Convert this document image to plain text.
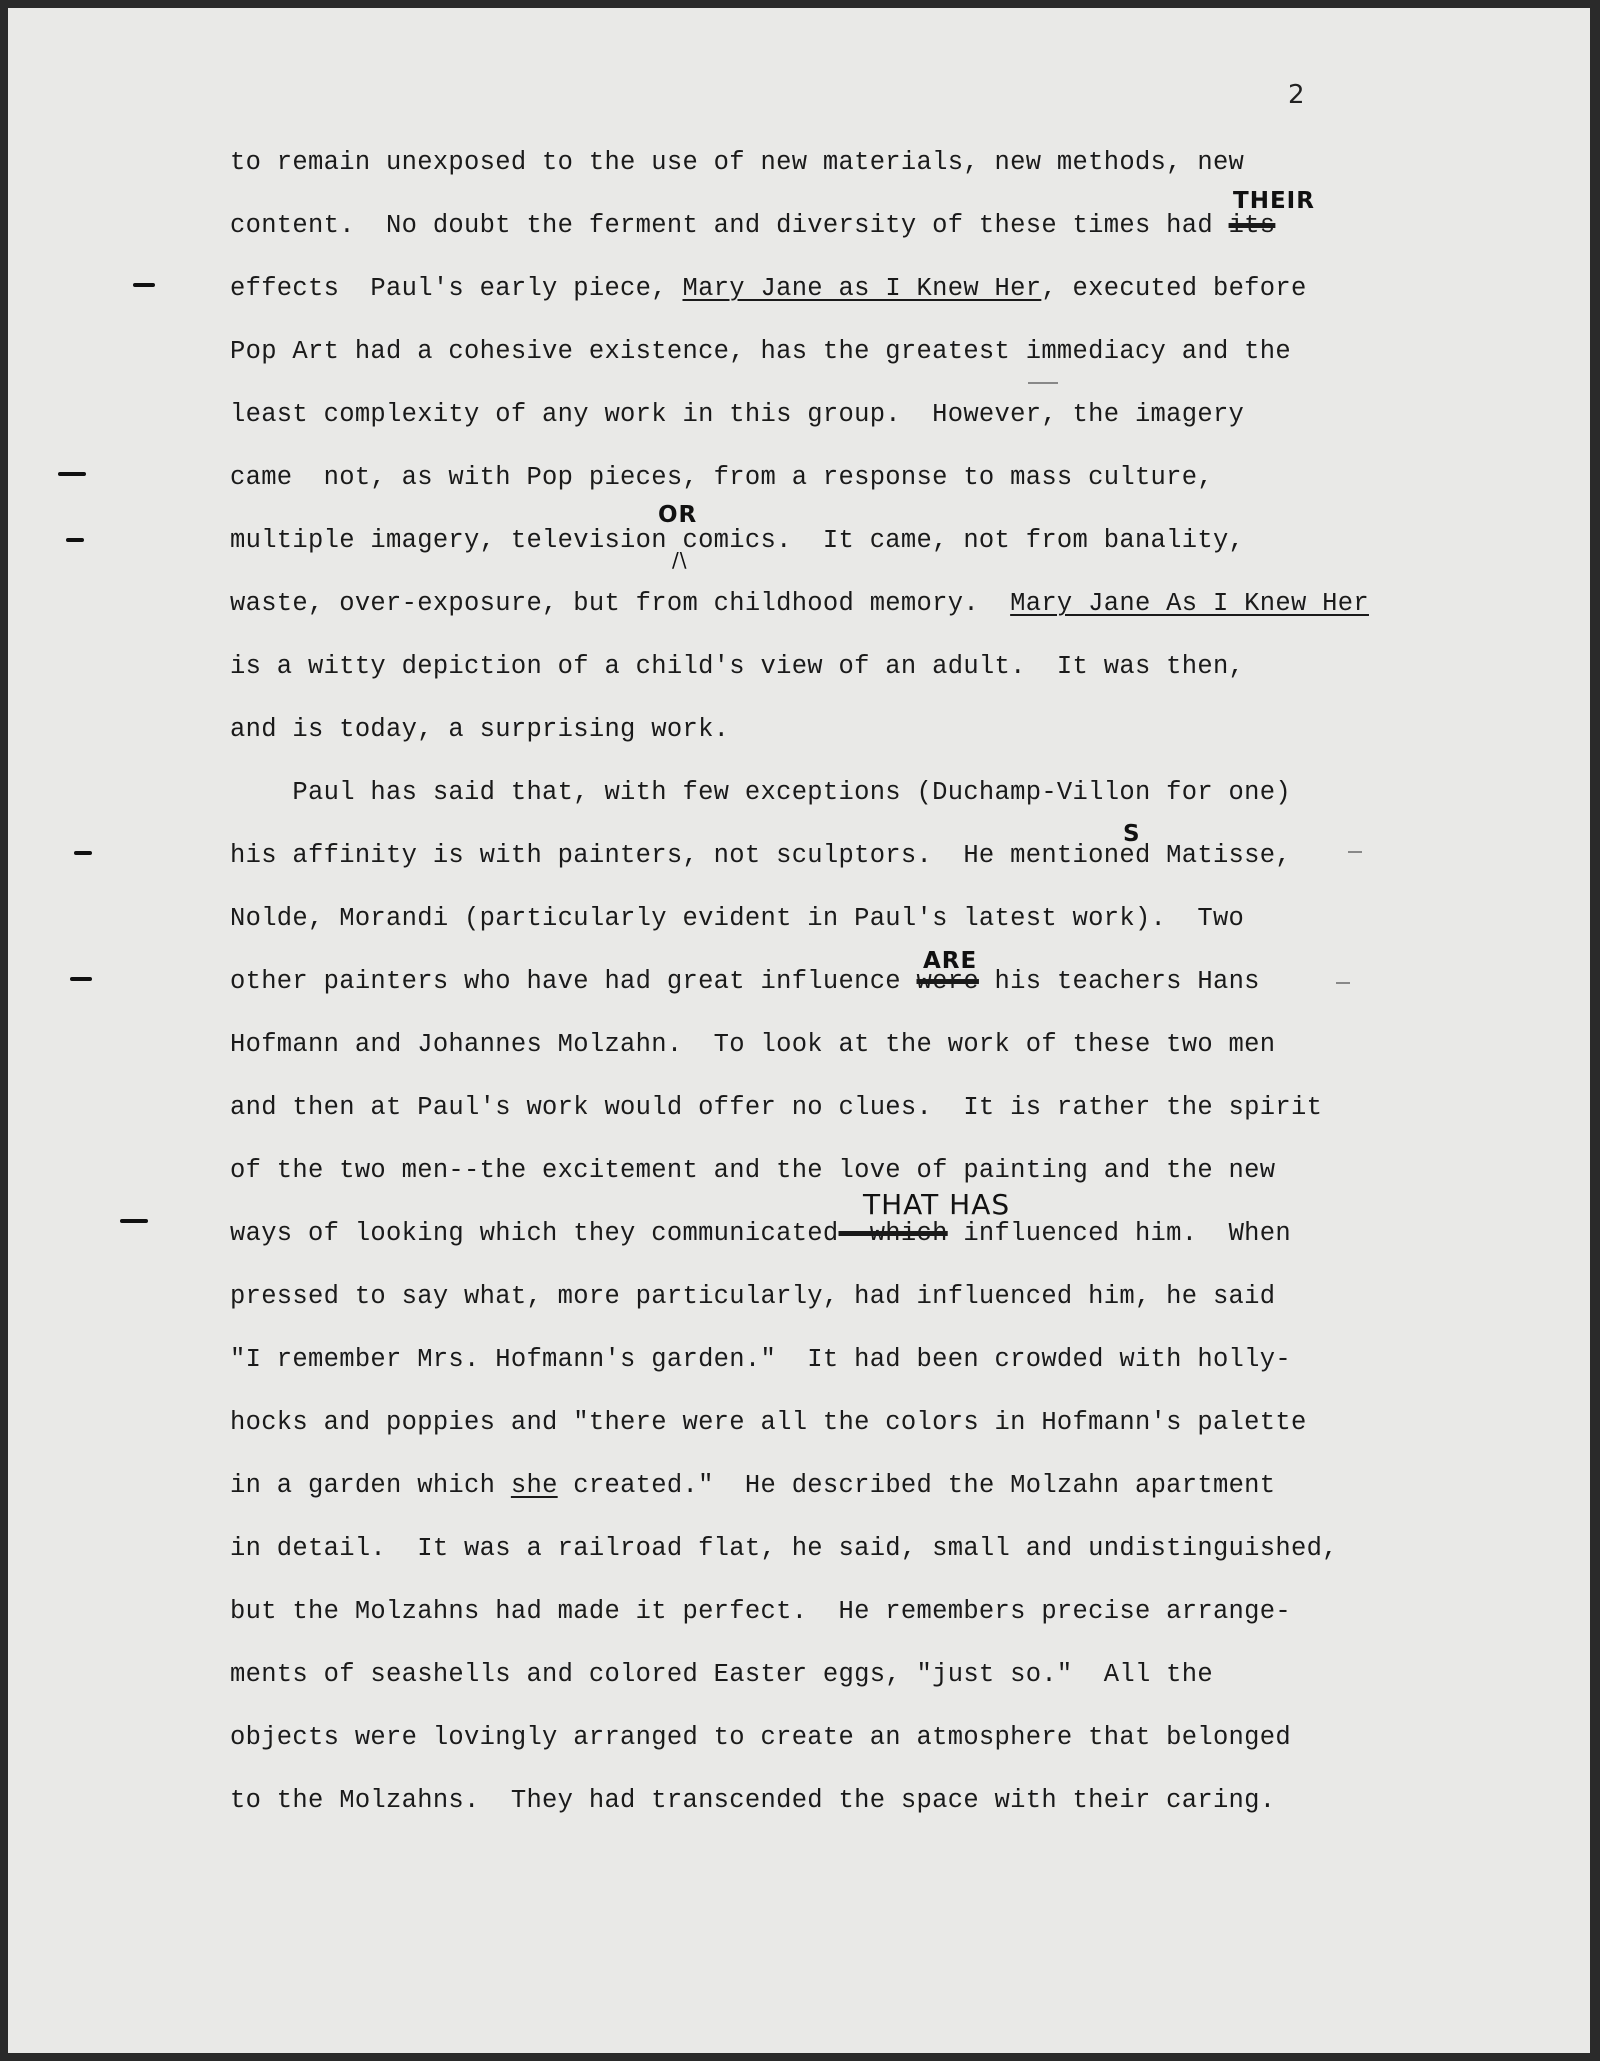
2
to remain unexposed to the use of new materials, new methods, new
content.  No doubt the ferment and diversity of these times had its
effects  Paul's early piece, Mary Jane as I Knew Her, executed before
Pop Art had a cohesive existence, has the greatest immediacy and the
least complexity of any work in this group.  However, the imagery
came  not, as with Pop pieces, from a response to mass culture,
multiple imagery, television comics.  It came, not from banality,
waste, over-exposure, but from childhood memory.  Mary Jane As I Knew Her
is a witty depiction of a child's view of an adult.  It was then,
and is today, a surprising work.
Paul has said that, with few exceptions (Duchamp-Villon for one)
his affinity is with painters, not sculptors.  He mentioned Matisse,
Nolde, Morandi (particularly evident in Paul's latest work).  Two
other painters who have had great influence were his teachers Hans
Hofmann and Johannes Molzahn.  To look at the work of these two men
and then at Paul's work would offer no clues.  It is rather the spirit
of the two men--the excitement and the love of painting and the new
ways of looking which they communicated--which influenced him.  When
pressed to say what, more particularly, had influenced him, he said
"I remember Mrs. Hofmann's garden."  It had been crowded with holly-
hocks and poppies and "there were all the colors in Hofmann's palette
in a garden which she created."  He described the Molzahn apartment
in detail.  It was a railroad flat, he said, small and undistinguished,
but the Molzahns had made it perfect.  He remembers precise arrange-
ments of seashells and colored Easter eggs, "just so."  All the
objects were lovingly arranged to create an atmosphere that belonged
to the Molzahns.  They had transcended the space with their caring.
THEIR
OR
/\
S
ARE
THAT HAS
